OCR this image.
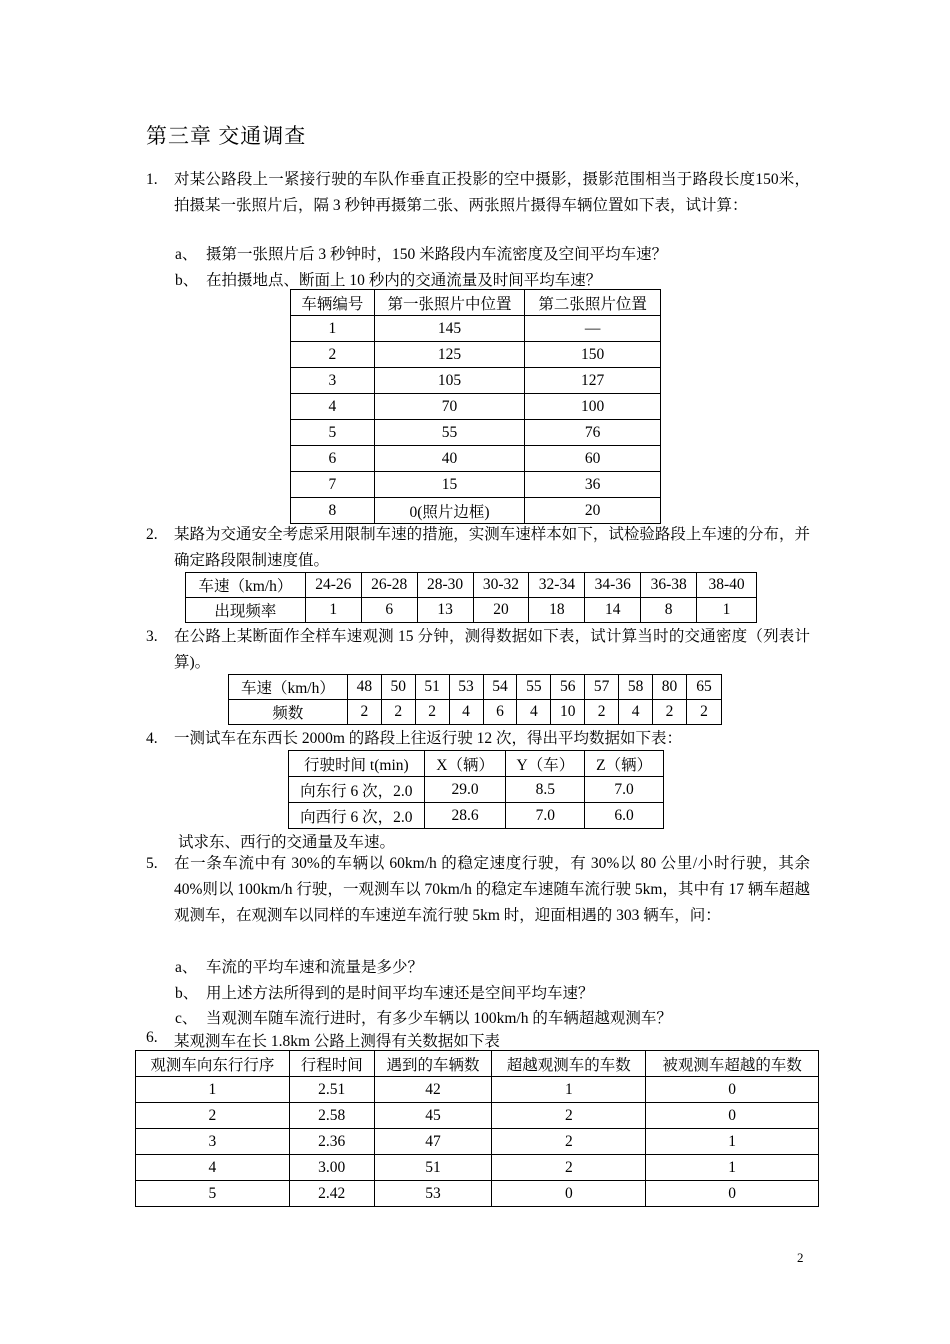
第三章 交通调查
1. 对某公路段上一紧接行驶的车队作垂直正投影的空中摄影，摄影范围相当于路段长度150米，拍摄某一张照片后，隔 3 秒钟再摄第二张、两张照片摄得车辆位置如下表，试计算：
a、 摄第一张照片后 3 秒钟时，150 米路段内车流密度及空间平均车速？
b、 在拍摄地点、断面上 10 秒内的交通流量及时间平均车速？
车辆编号	第一张照片中位置	第二张照片位置
1	145	—
2	125	150
3	105	127
4	70	100
5	55	76
6	40	60
7	15	36
8	0(照片边框)	20
2. 某路为交通安全考虑采用限制车速的措施，实测车速样本如下，试检验路段上车速的分布，并确定路段限制速度值。
车速（km/h）	24-26	26-28	28-30	30-32	32-34	34-36	36-38	38-40
出现频率	1	6	13	20	18	14	8	1
3. 在公路上某断面作全样车速观测 15 分钟，测得数据如下表，试计算当时的交通密度（列表计算)。
车速（km/h）	48	50	51	53	54	55	56	57	58	80	65
频数	2	2	2	4	6	4	10	2	4	2	2
4. 一测试车在东西长 2000m 的路段上往返行驶 12 次，得出平均数据如下表：
行驶时间 t(min)	X（辆）	Y（车）	Z（辆）
向东行 6 次，2.0	29.0	8.5	7.0
向西行 6 次，2.0	28.6	7.0	6.0
试求东、西行的交通量及车速。
5. 在一条车流中有 30%的车辆以 60km/h 的稳定速度行驶，有 30%以 80 公里/小时行驶，其余 40%则以 100km/h 行驶，一观测车以 70km/h 的稳定车速随车流行驶 5km，其中有 17 辆车超越观测车，在观测车以同样的车速逆车流行驶 5km 时，迎面相遇的 303 辆车，问：
a、 车流的平均车速和流量是多少？
b、 用上述方法所得到的是时间平均车速还是空间平均车速？
c、 当观测车随车流行进时，有多少车辆以 100km/h 的车辆超越观测车？
6. 某观测车在长 1.8km 公路上测得有关数据如下表
观测车向东行行序	行程时间	遇到的车辆数	超越观测车的车数	被观测车超越的车数
1	2.51	42	1	0
2	2.58	45	2	0
3	2.36	47	2	1
4	3.00	51	2	1
5	2.42	53	0	0
2
